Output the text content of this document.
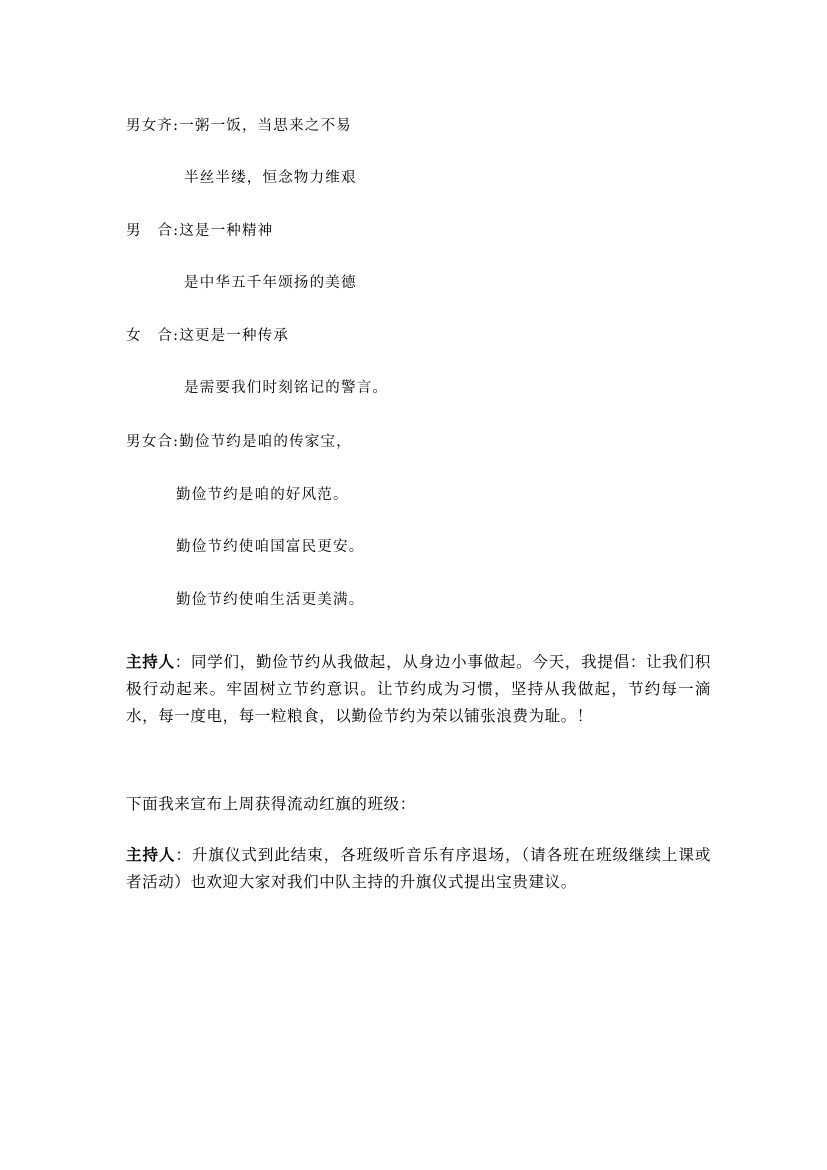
男女齐:一粥一饭，当思来之不易
半丝半缕，恒念物力维艰
男　合:这是一种精神
是中华五千年颂扬的美德
女　合:这更是一种传承
是需要我们时刻铭记的警言。
男女合:勤俭节约是咱的传家宝，
勤俭节约是咱的好风范。
勤俭节约使咱国富民更安。
勤俭节约使咱生活更美满。
主持人：同学们，勤俭节约从我做起，从身边小事做起。今天，我提倡：让我们积极行动起来。牢固树立节约意识。让节约成为习惯，坚持从我做起，节约每一滴水，每一度电，每一粒粮食，以勤俭节约为荣以铺张浪费为耻。！
下面我来宣布上周获得流动红旗的班级：
主持人：升旗仪式到此结束，各班级听音乐有序退场，（请各班在班级继续上课或者活动）也欢迎大家对我们中队主持的升旗仪式提出宝贵建议。
